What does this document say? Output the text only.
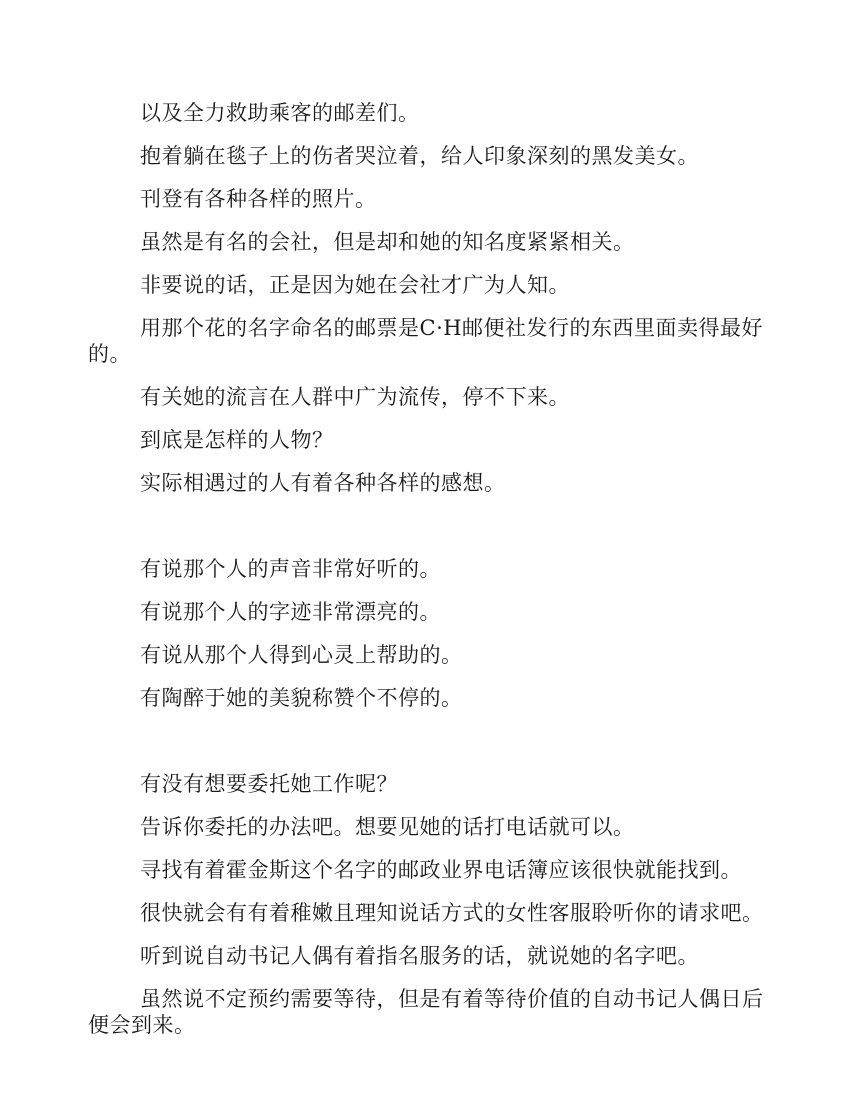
以及全力救助乘客的邮差们。

抱着躺在毯子上的伤者哭泣着，给人印象深刻的黑发美女。

刊登有各种各样的照片。

虽然是有名的会社，但是却和她的知名度紧紧相关。

非要说的话，正是因为她在会社才广为人知。

用那个花的名字命名的邮票是C·H邮便社发行的东西里面卖得最好的。

有关她的流言在人群中广为流传，停不下来。

到底是怎样的人物？

实际相遇过的人有着各种各样的感想。

有说那个人的声音非常好听的。

有说那个人的字迹非常漂亮的。

有说从那个人得到心灵上帮助的。

有陶醉于她的美貌称赞个不停的。

有没有想要委托她工作呢？

告诉你委托的办法吧。想要见她的话打电话就可以。

寻找有着霍金斯这个名字的邮政业界电话簿应该很快就能找到。

很快就会有有着稚嫩且理知说话方式的女性客服聆听你的请求吧。

听到说自动书记人偶有着指名服务的话，就说她的名字吧。

虽然说不定预约需要等待，但是有着等待价值的自动书记人偶日后便会到来。
